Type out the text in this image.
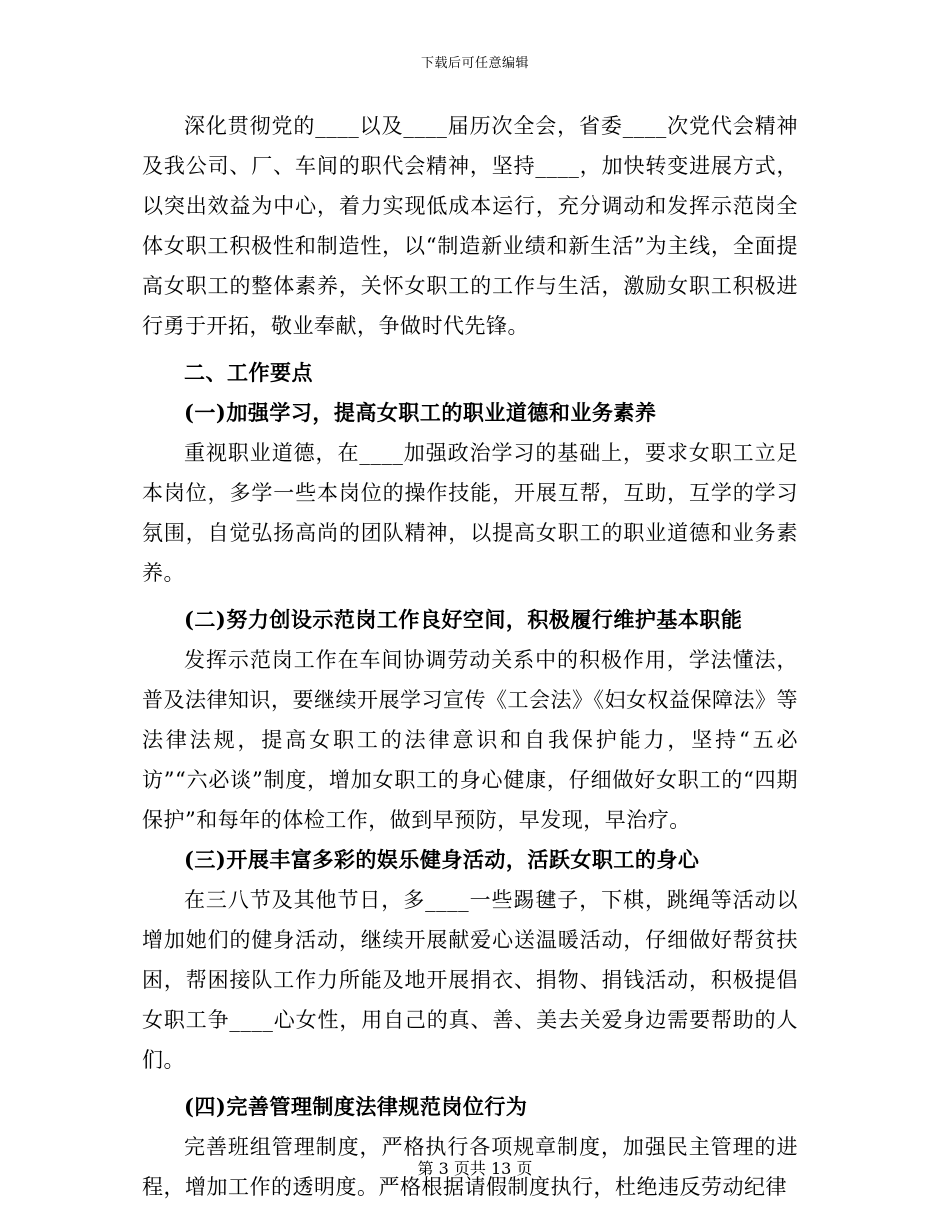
下载后可任意编辑

深化贯彻党的____以及____届历次全会，省委____次党代会精神及我公司、厂、车间的职代会精神，坚持____，加快转变进展方式，以突出效益为中心，着力实现低成本运行，充分调动和发挥示范岗全体女职工积极性和制造性，以“制造新业绩和新生活”为主线，全面提高女职工的整体素养，关怀女职工的工作与生活，激励女职工积极进行勇于开拓，敬业奉献，争做时代先锋。

二、工作要点

(一)加强学习，提高女职工的职业道德和业务素养

重视职业道德，在____加强政治学习的基础上，要求女职工立足本岗位，多学一些本岗位的操作技能，开展互帮，互助，互学的学习氛围，自觉弘扬高尚的团队精神，以提高女职工的职业道德和业务素养。

(二)努力创设示范岗工作良好空间，积极履行维护基本职能

发挥示范岗工作在车间协调劳动关系中的积极作用，学法懂法，普及法律知识，要继续开展学习宣传《工会法》《妇女权益保障法》等法律法规，提高女职工的法律意识和自我保护能力，坚持“五必访”“六必谈”制度，增加女职工的身心健康，仔细做好女职工的“四期保护”和每年的体检工作，做到早预防，早发现，早治疗。

(三)开展丰富多彩的娱乐健身活动，活跃女职工的身心

在三八节及其他节日，多____一些踢毽子，下棋，跳绳等活动以增加她们的健身活动，继续开展献爱心送温暖活动，仔细做好帮贫扶困，帮困接队工作力所能及地开展捐衣、捐物、捐钱活动，积极提倡女职工争____心女性，用自己的真、善、美去关爱身边需要帮助的人们。

(四)完善管理制度法律规范岗位行为

完善班组管理制度，严格执行各项规章制度，加强民主管理的进程，增加工作的透明度。严格根据请假制度执行，杜绝违反劳动纪律

第 3 页共 13 页
